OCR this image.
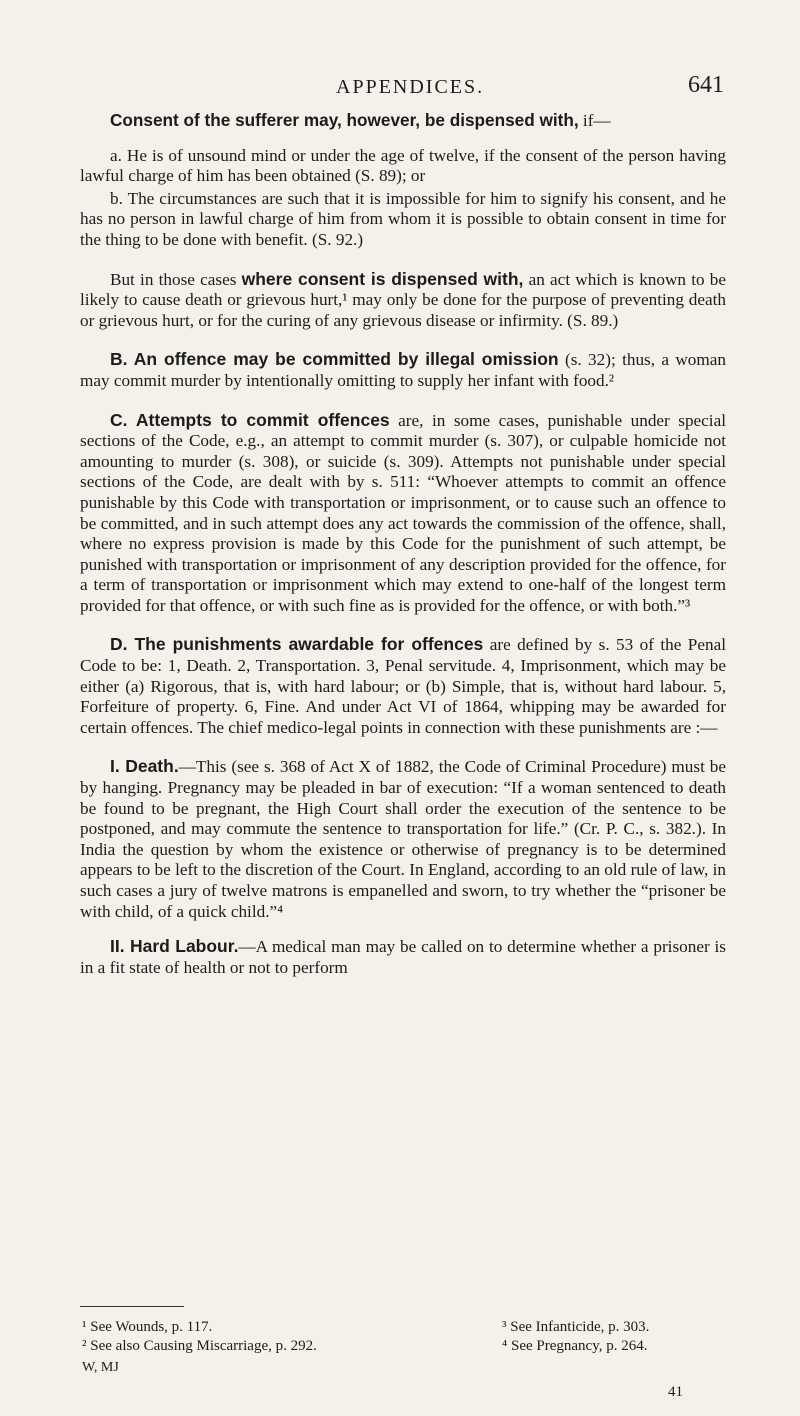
APPENDICES.	641

Consent of the sufferer may, however, be dispensed with, if—

a. He is of unsound mind or under the age of twelve, if the consent of the person having lawful charge of him has been obtained (S. 89); or

b. The circumstances are such that it is impossible for him to signify his consent, and he has no person in lawful charge of him from whom it is possible to obtain consent in time for the thing to be done with benefit. (S. 92.)

But in those cases where consent is dispensed with, an act which is known to be likely to cause death or grievous hurt,¹ may only be done for the purpose of preventing death or grievous hurt, or for the curing of any grievous disease or infirmity. (S. 89.)

B. An offence may be committed by illegal omission (s. 32); thus, a woman may commit murder by intentionally omitting to supply her infant with food.²

C. Attempts to commit offences are, in some cases, punishable under special sections of the Code, e.g., an attempt to commit murder (s. 307), or culpable homicide not amounting to murder (s. 308), or suicide (s. 309). Attempts not punishable under special sections of the Code, are dealt with by s. 511: “Whoever attempts to commit an offence punishable by this Code with transportation or imprisonment, or to cause such an offence to be committed, and in such attempt does any act towards the commission of the offence, shall, where no express provision is made by this Code for the punishment of such attempt, be punished with transportation or imprisonment of any description provided for the offence, for a term of transportation or imprisonment which may extend to one-half of the longest term provided for that offence, or with such fine as is provided for the offence, or with both.”³

D. The punishments awardable for offences are defined by s. 53 of the Penal Code to be: 1, Death. 2, Transportation. 3, Penal servitude. 4, Imprisonment, which may be either (a) Rigorous, that is, with hard labour; or (b) Simple, that is, without hard labour. 5, Forfeiture of property. 6, Fine. And under Act VI of 1864, whipping may be awarded for certain offences. The chief medico-legal points in connection with these punishments are :—

I. Death.—This (see s. 368 of Act X of 1882, the Code of Criminal Procedure) must be by hanging. Pregnancy may be pleaded in bar of execution: “If a woman sentenced to death be found to be pregnant, the High Court shall order the execution of the sentence to be postponed, and may commute the sentence to transportation for life.” (Cr. P. C., s. 382.). In India the question by whom the existence or otherwise of pregnancy is to be determined appears to be left to the discretion of the Court. In England, according to an old rule of law, in such cases a jury of twelve matrons is empanelled and sworn, to try whether the “prisoner be with child, of a quick child.”⁴

II. Hard Labour.—A medical man may be called on to determine whether a prisoner is in a fit state of health or not to perform

¹ See Wounds, p. 117.
² See also Causing Miscarriage, p. 292.
³ See Infanticide, p. 303.
⁴ See Pregnancy, p. 264.
W, MJ
41
